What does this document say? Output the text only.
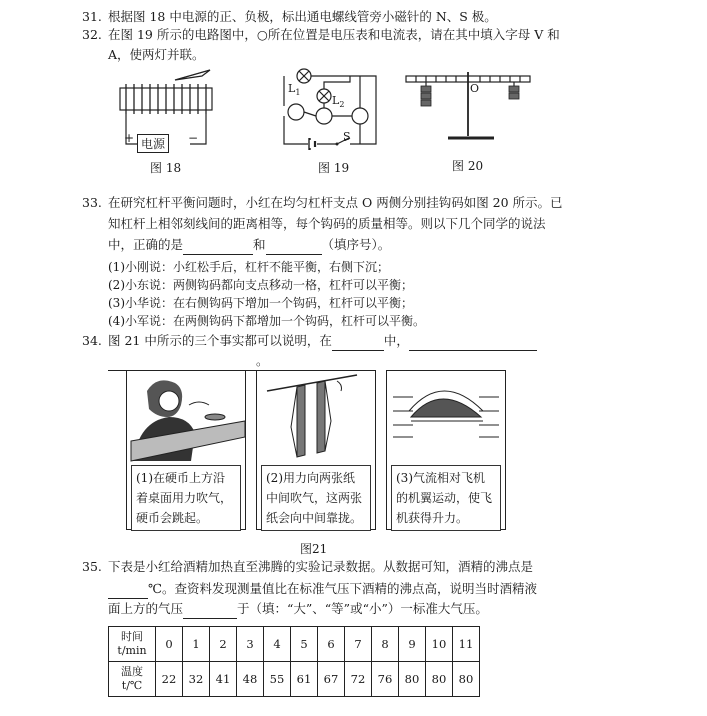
31. 根据图 18 中电源的正、负极，标出通电螺线管旁小磁针的 N、S 极。
32. 在图 19 所示的电路图中，○所在位置是电压表和电流表，请在其中填入字母 V 和
A，使两灯并联。
电源
+	−
图 18
$L_1$
$L_2$
S
图 19
O
图 20
33. 在研究杠杆平衡问题时，小红在均匀杠杆支点 O 两侧分别挂钩码如图 20 所示。已
知杠杆上相邻刻线间的距离相等，每个钩码的质量相等。则以下几个同学的说法
中，正确的是	和	（填序号）。
(1)小刚说：小红松手后，杠杆不能平衡，右侧下沉；
(2)小东说：两侧钩码都向支点移动一格，杠杆可以平衡；
(3)小华说：在右侧钩码下增加一个钩码，杠杆可以平衡；
(4)小军说：在两侧钩码下都增加一个钩码，杠杆可以平衡。
34. 图 21 中所示的三个事实都可以说明，在	中，
。
(1)在硬币上方沿着桌面用力吹气，硬币会跳起。
(2)用力向两张纸中间吹气，这两张纸会向中间靠拢。
(3)气流相对飞机的机翼运动，使飞机获得升力。
图21
35. 下表是小红给酒精加热直至沸腾的实验记录数据。从数据可知，酒精的沸点是
℃。查资料发现测量值比在标准气压下酒精的沸点高，说明当时酒精液
面上方的气压	于（填：“大”、“等”或“小”）一标准大气压。
时间
t/min	0	1	2	3	4	5	6	7	8	9	10	11

温度
t/℃	22	32	41	48	55	61	67	72	76	80	80	80
